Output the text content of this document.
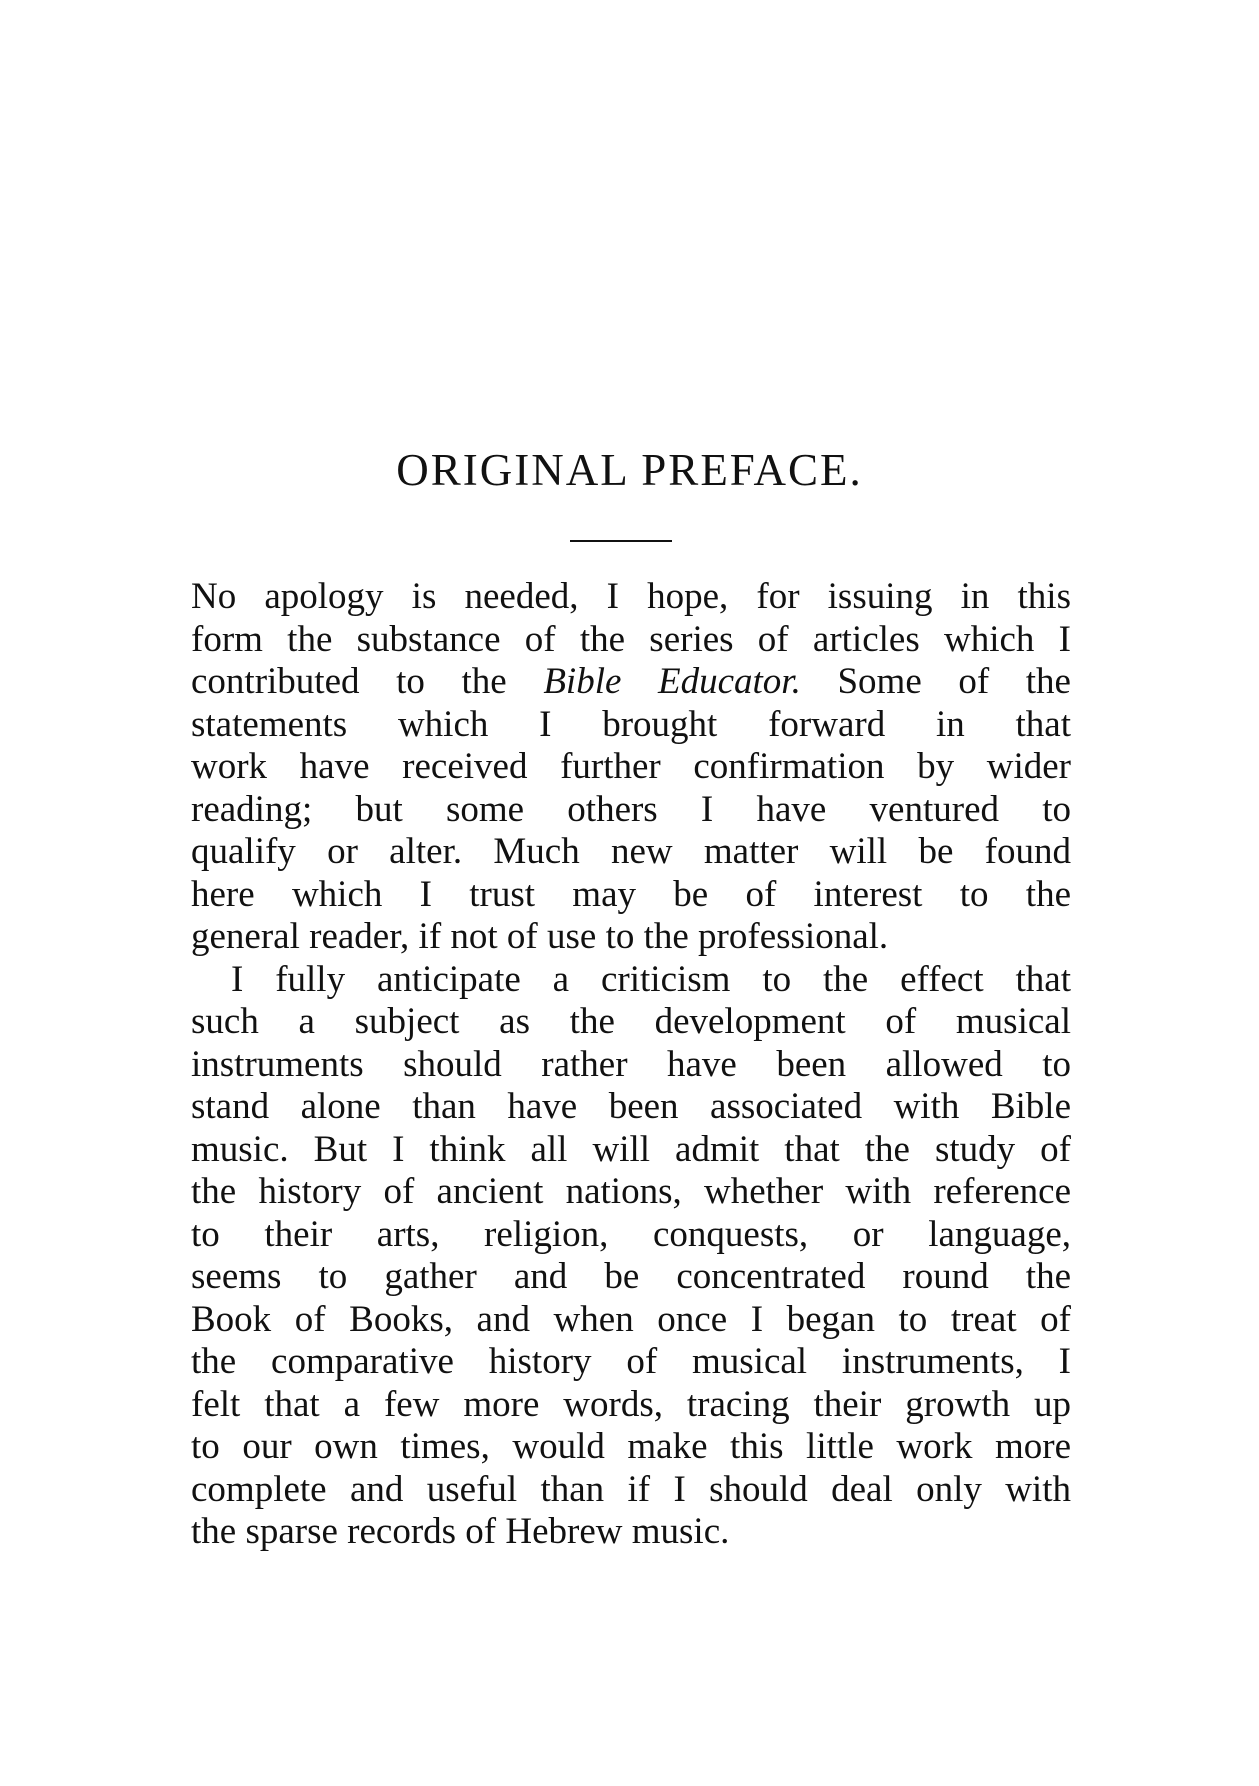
ORIGINAL PREFACE.
No apology is needed, I hope, for issuing in this
form the substance of the series of articles which I
contributed to the Bible Educator. Some of the
statements which I brought forward in that
work have received further confirmation by wider
reading; but some others I have ventured to
qualify or alter. Much new matter will be found
here which I trust may be of interest to the
general reader, if not of use to the professional.
I fully anticipate a criticism to the effect that
such a subject as the development of musical
instruments should rather have been allowed to
stand alone than have been associated with Bible
music. But I think all will admit that the study of
the history of ancient nations, whether with reference
to their arts, religion, conquests, or language,
seems to gather and be concentrated round the
Book of Books, and when once I began to treat of
the comparative history of musical instruments, I
felt that a few more words, tracing their growth up
to our own times, would make this little work more
complete and useful than if I should deal only with
the sparse records of Hebrew music.
